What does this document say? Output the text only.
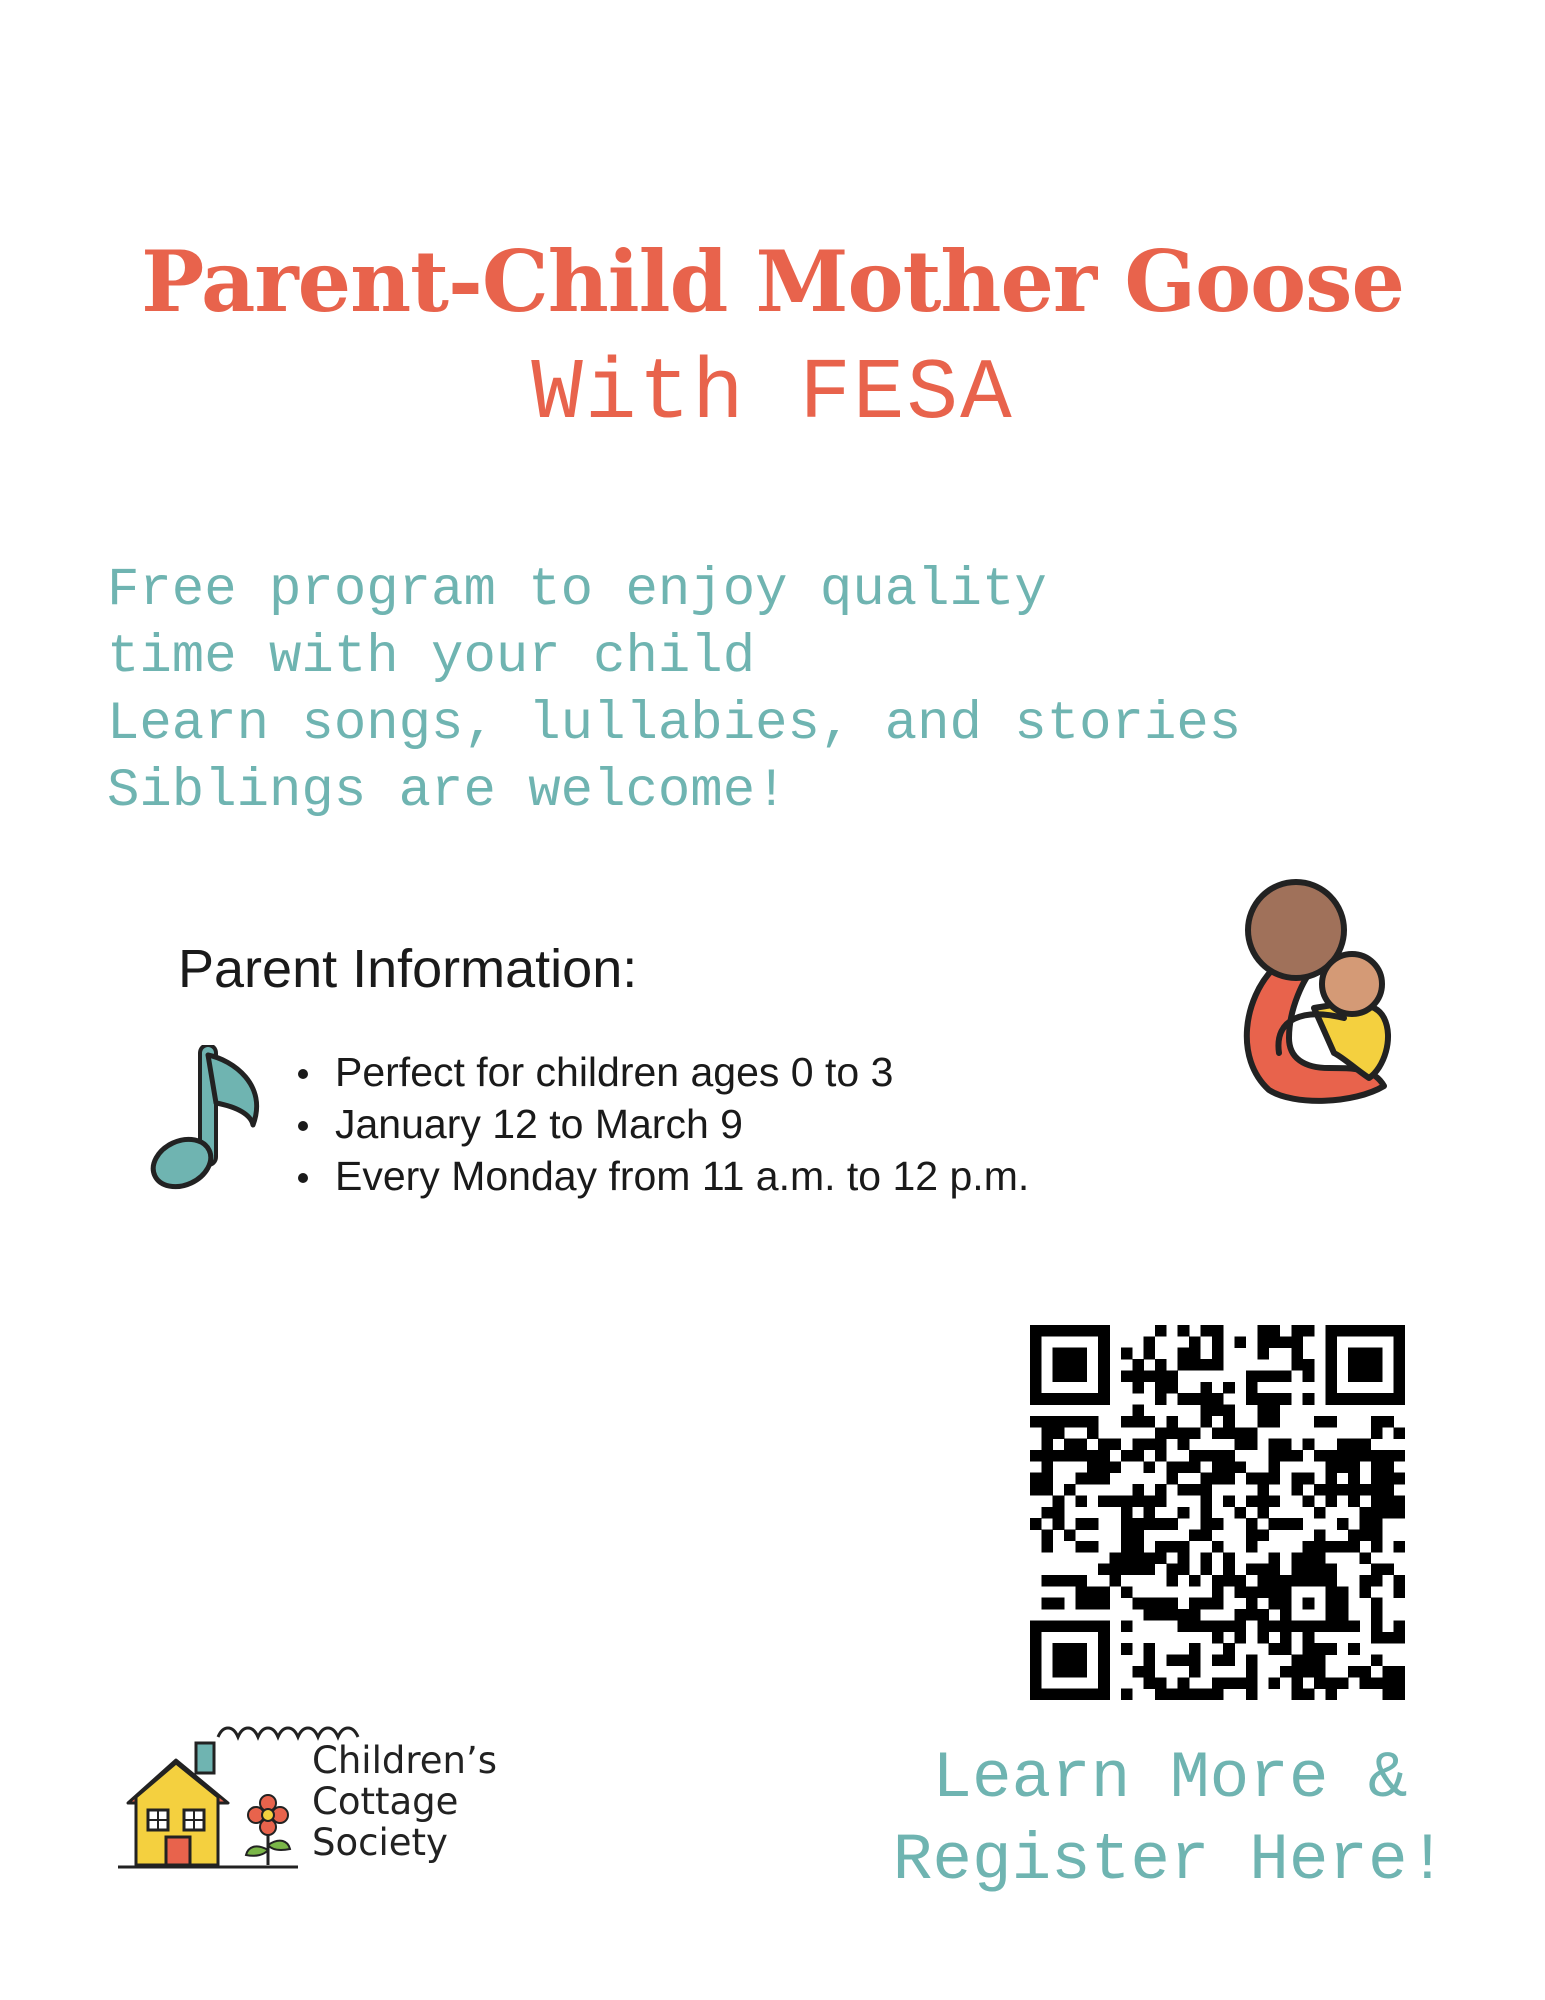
Parent-Child Mother Goose
With FESA
Free program to enjoy quality
time with your child
Learn songs, lullabies, and stories
Siblings are welcome!
Parent Information:
Perfect for children ages 0 to 3
January 12 to March 9
Every Monday from 11 a.m. to 12 p.m.
Learn More &
Register Here!
Children’s
Cottage
Society
